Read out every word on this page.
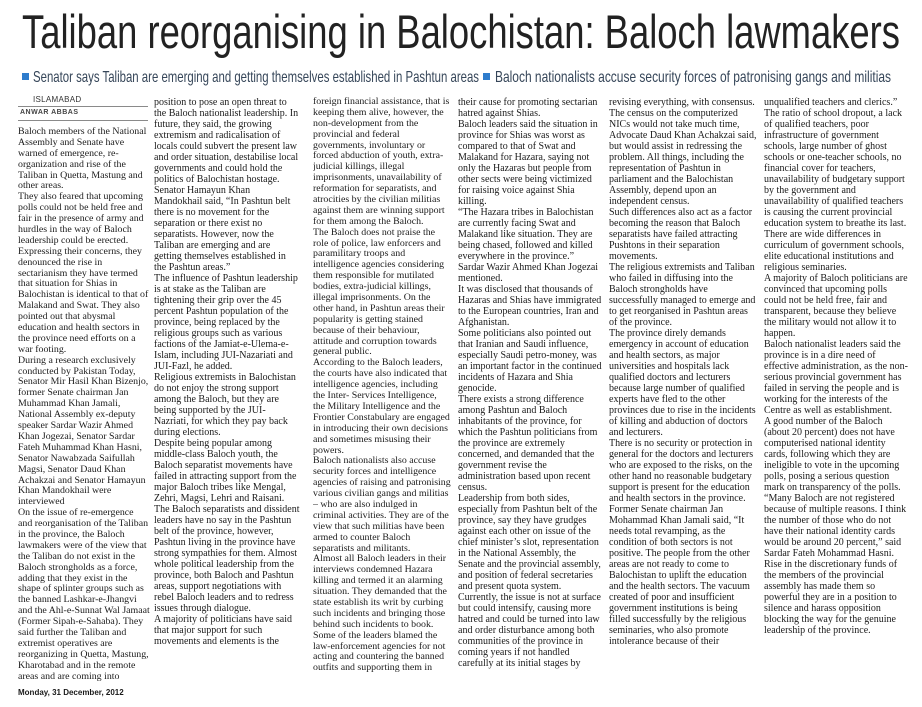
Taliban reorganising in Balochistan: Baloch lawmakers
Senator says Taliban are emerging and getting themselves established in Pashtun areas Baloch nationalists accuse security forces of patronising gangs and militias
ISLAMABAD
ANWAR ABBAS

Baloch members of the National Assembly and Senate have warned of emergence, re-organization and rise of the Taliban in Quetta, Mastung and other areas.

They also feared that upcoming polls could not be held free and fair in the presence of army and hurdles in the way of Baloch leadership could be erected.

Expressing their concerns, they denounced the rise in sectarianism they have termed that situation for Shias in Balochistan is identical to that of Malakand and Swat. They also pointed out that abysmal education and health sectors in the province need efforts on a war footing.

During a research exclusively conducted by Pakistan Today, Senator Mir Hasil Khan Bizenjo, former Senate chairman Jan Muhammad Khan Jamali, National Assembly ex-deputy speaker Sardar Wazir Ahmed Khan Jogezai, Senator Sardar Fateh Muhammad Khan Hasni, Senator Nawabzada Saifullah Magsi, Senator Daud Khan Achakzai and Senator Hamayun Khan Mandokhail were interviewed

On the issue of re-emergence and reorganisation of the Taliban in the province, the Baloch lawmakers were of the view that the Taliban do not exist in the Baloch strongholds as a force, adding that they exist in the shape of splinter groups such as the banned Lashkar-e-Jhangvi and the Ahl-e-Sunnat Wal Jamaat (Former Sipah-e-Sahaba). They said further the Taliban and extremist operatives are reorganizing in Quetta, Mastung, Kharotabad and in the remote areas and are coming into

position to pose an open threat to the Baloch nationalist leadership. In future, they said, the growing extremism and radicalisation of locals could subvert the present law and order situation, destabilise local governments and could hold the politics of Balochistan hostage.

Senator Hamayun Khan Mandokhail said, “In Pashtun belt there is no movement for the separation or there exist no separatists. However, now the Taliban are emerging and are getting themselves established in the Pashtun areas.”

The influence of Pashtun leadership is at stake as the Taliban are tightening their grip over the 45 percent Pashtun population of the province, being replaced by the religious groups such as various factions of the Jamiat-e-Ulema-e-Islam, including JUI-Nazariati and JUI-Fazl, he added.

Religious extremists in Balochistan do not enjoy the strong support among the Baloch, but they are being supported by the JUI-Nazriati, for which they pay back during elections.

Despite being popular among middle-class Baloch youth, the Baloch separatist movements have failed in attracting support from the major Baloch tribes like Mengal, Zehri, Magsi, Lehri and Raisani. The Baloch separatists and dissident leaders have no say in the Pashtun belt of the province, however, Pashtun living in the province have strong sympathies for them. Almost whole political leadership from the province, both Baloch and Pashtun areas, support negotiations with rebel Baloch leaders and to redress issues through dialogue.

A majority of politicians have said that major support for such movements and elements is the

foreign financial assistance, that is keeping them alive, however, the non-development from the provincial and federal governments, involuntary or forced abduction of youth, extra-judicial killings, illegal imprisonments, unavailability of reformation for separatists, and atrocities by the civilian militias against them are winning support for them among the Baloch.

The Baloch does not praise the role of police, law enforcers and paramilitary troops and intelligence agencies considering them responsible for mutilated bodies, extra-judicial killings, illegal imprisonments. On the other hand, in Pashtun areas their popularity is getting stained because of their behaviour, attitude and corruption towards general public.

According to the Baloch leaders, the courts have also indicated that intelligence agencies, including the Inter- Services Intelligence, the Military Intelligence and the Frontier Constabulary are engaged in introducing their own decisions and sometimes misusing their powers.

Baloch nationalists also accuse security forces and intelligence agencies of raising and patronising various civilian gangs and militias – who are also indulged in criminal activities. They are of the view that such militias have been armed to counter Baloch separatists and militants.

Almost all Baloch leaders in their interviews condemned Hazara killing and termed it an alarming situation. They demanded that the state establish its writ by curbing such incidents and bringing those behind such incidents to book. Some of the leaders blamed the law-enforcement agencies for not acting and countering the banned outfits and supporting them in

their cause for promoting sectarian hatred against Shias.

Baloch leaders said the situation in province for Shias was worst as compared to that of Swat and Malakand for Hazara, saying not only the Hazaras but people from other sects were being victimized for raising voice against Shia killing.

“The Hazara tribes in Balochistan are currently facing Swat and Malakand like situation. They are being chased, followed and killed everywhere in the province.”

Sardar Wazir Ahmed Khan Jogezai mentioned.

It was disclosed that thousands of Hazaras and Shias have immigrated to the European countries, Iran and Afghanistan.

Some politicians also pointed out that Iranian and Saudi influence, especially Saudi petro-money, was an important factor in the continued incidents of Hazara and Shia genocide.

There exists a strong difference among Pashtun and Baloch inhabitants of the province, for which the Pashtun politicians from the province are extremely concerned, and demanded that the government revise the administration based upon recent census.

Leadership from both sides, especially from Pashtun belt of the province, say they have grudges against each other on issue of the chief minister’s slot, representation in the National Assembly, the Senate and the provincial assembly, and position of federal secretaries and present quota system.

Currently, the issue is not at surface but could intensify, causing more hatred and could be turned into law and order disturbance among both communities of the province in coming years if not handled carefully at its initial stages by

revising everything, with consensus.

The census on the computerized NICs would not take much time, Advocate Daud Khan Achakzai said, but would assist in redressing the problem. All things, including the representation of Pashtun in parliament and the Balochistan Assembly, depend upon an independent census.

Such differences also act as a factor becoming the reason that Baloch separatists have failed attracting Pushtons in their separation movements.

The religious extremists and Taliban who failed in diffusing into the Baloch strongholds have successfully managed to emerge and to get reorganised in Pashtun areas of the province.

The province direly demands emergency in account of education and health sectors, as major universities and hospitals lack qualified doctors and lecturers because large number of qualified experts have fled to the other provinces due to rise in the incidents of killing and abduction of doctors and lecturers.

There is no security or protection in general for the doctors and lecturers who are exposed to the risks, on the other hand no reasonable budgetary support is present for the education and health sectors in the province.

Former Senate chairman Jan Mohammad Khan Jamali said, “It needs total revamping, as the condition of both sectors is not positive. The people from the other areas are not ready to come to Balochistan to uplift the education and the health sectors. The vacuum created of poor and insufficient government institutions is being filled successfully by the religious seminaries, who also promote intolerance because of their

unqualified teachers and clerics.”

The ratio of school dropout, a lack of qualified teachers, poor infrastructure of government schools, large number of ghost schools or one-teacher schools, no financial cover for teachers, unavailability of budgetary support by the government and unavailability of qualified teachers is causing the current provincial education system to breathe its last.

There are wide differences in curriculum of government schools, elite educational institutions and religious seminaries.

A majority of Baloch politicians are convinced that upcoming polls could not be held free, fair and transparent, because they believe the military would not allow it to happen.

Baloch nationalist leaders said the province is in a dire need of effective administration, as the non-serious provincial government has failed in serving the people and is working for the interests of the Centre as well as establishment.

A good number of the Baloch (about 20 percent) does not have computerised national identity cards, following which they are ineligible to vote in the upcoming polls, posing a serious question mark on transparency of the polls.

“Many Baloch are not registered because of multiple reasons. I think the number of those who do not have their national identity cards would be around 20 percent,” said Sardar Fateh Mohammad Hasni.

Rise in the discretionary funds of the members of the provincial assembly has made them so powerful they are in a position to silence and harass opposition blocking the way for the genuine leadership of the province.

Monday, 31 December, 2012
